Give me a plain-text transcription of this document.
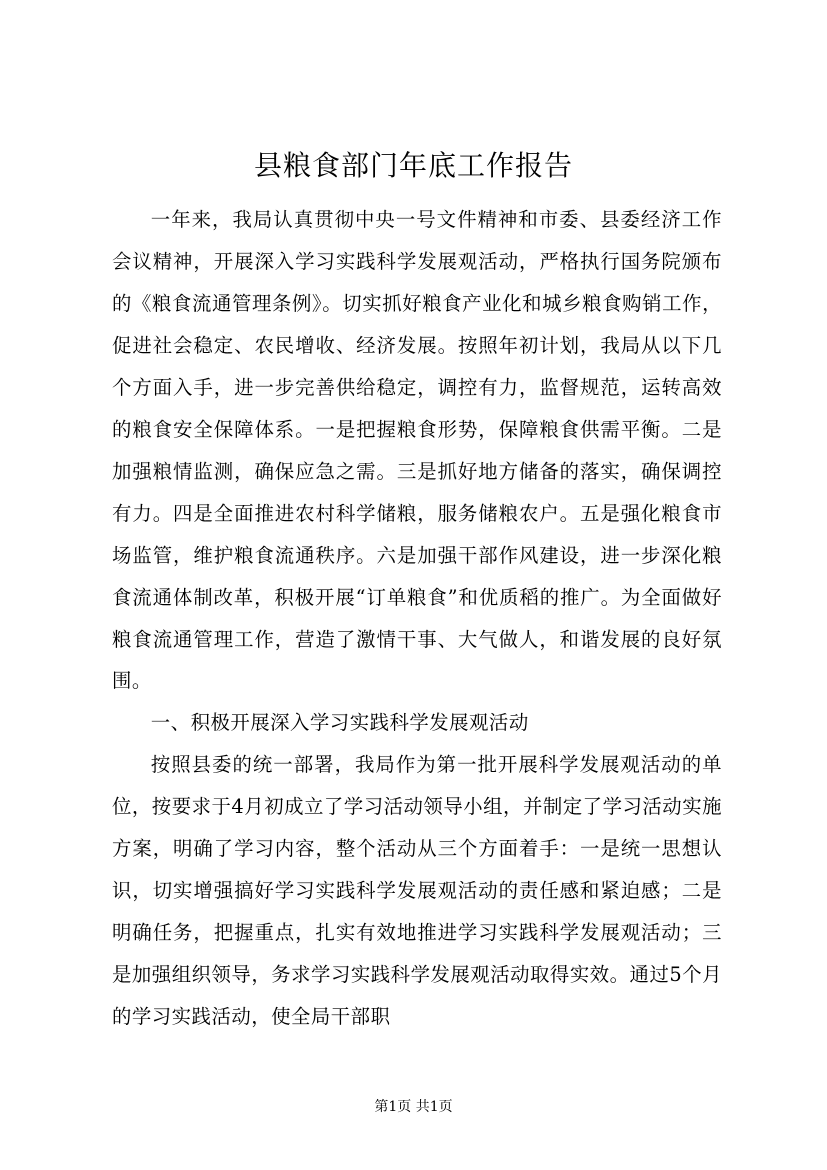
县粮食部门年底工作报告

一年来，我局认真贯彻中央一号文件精神和市委、县委经济工作会议精神，开展深入学习实践科学发展观活动，严格执行国务院颁布的《粮食流通管理条例》。切实抓好粮食产业化和城乡粮食购销工作，促进社会稳定、农民增收、经济发展。按照年初计划，我局从以下几个方面入手，进一步完善供给稳定，调控有力，监督规范，运转高效的粮食安全保障体系。一是把握粮食形势，保障粮食供需平衡。二是加强粮情监测，确保应急之需。三是抓好地方储备的落实，确保调控有力。四是全面推进农村科学储粮，服务储粮农户。五是强化粮食市场监管，维护粮食流通秩序。六是加强干部作风建设，进一步深化粮食流通体制改革，积极开展“订单粮食”和优质稻的推广。为全面做好粮食流通管理工作，营造了激情干事、大气做人，和谐发展的良好氛围。

一、积极开展深入学习实践科学发展观活动

按照县委的统一部署，我局作为第一批开展科学发展观活动的单位，按要求于4月初成立了学习活动领导小组，并制定了学习活动实施方案，明确了学习内容，整个活动从三个方面着手：一是统一思想认识，切实增强搞好学习实践科学发展观活动的责任感和紧迫感；二是明确任务，把握重点，扎实有效地推进学习实践科学发展观活动；三是加强组织领导，务求学习实践科学发展观活动取得实效。通过5个月的学习实践活动，使全局干部职

第1页 共1页
